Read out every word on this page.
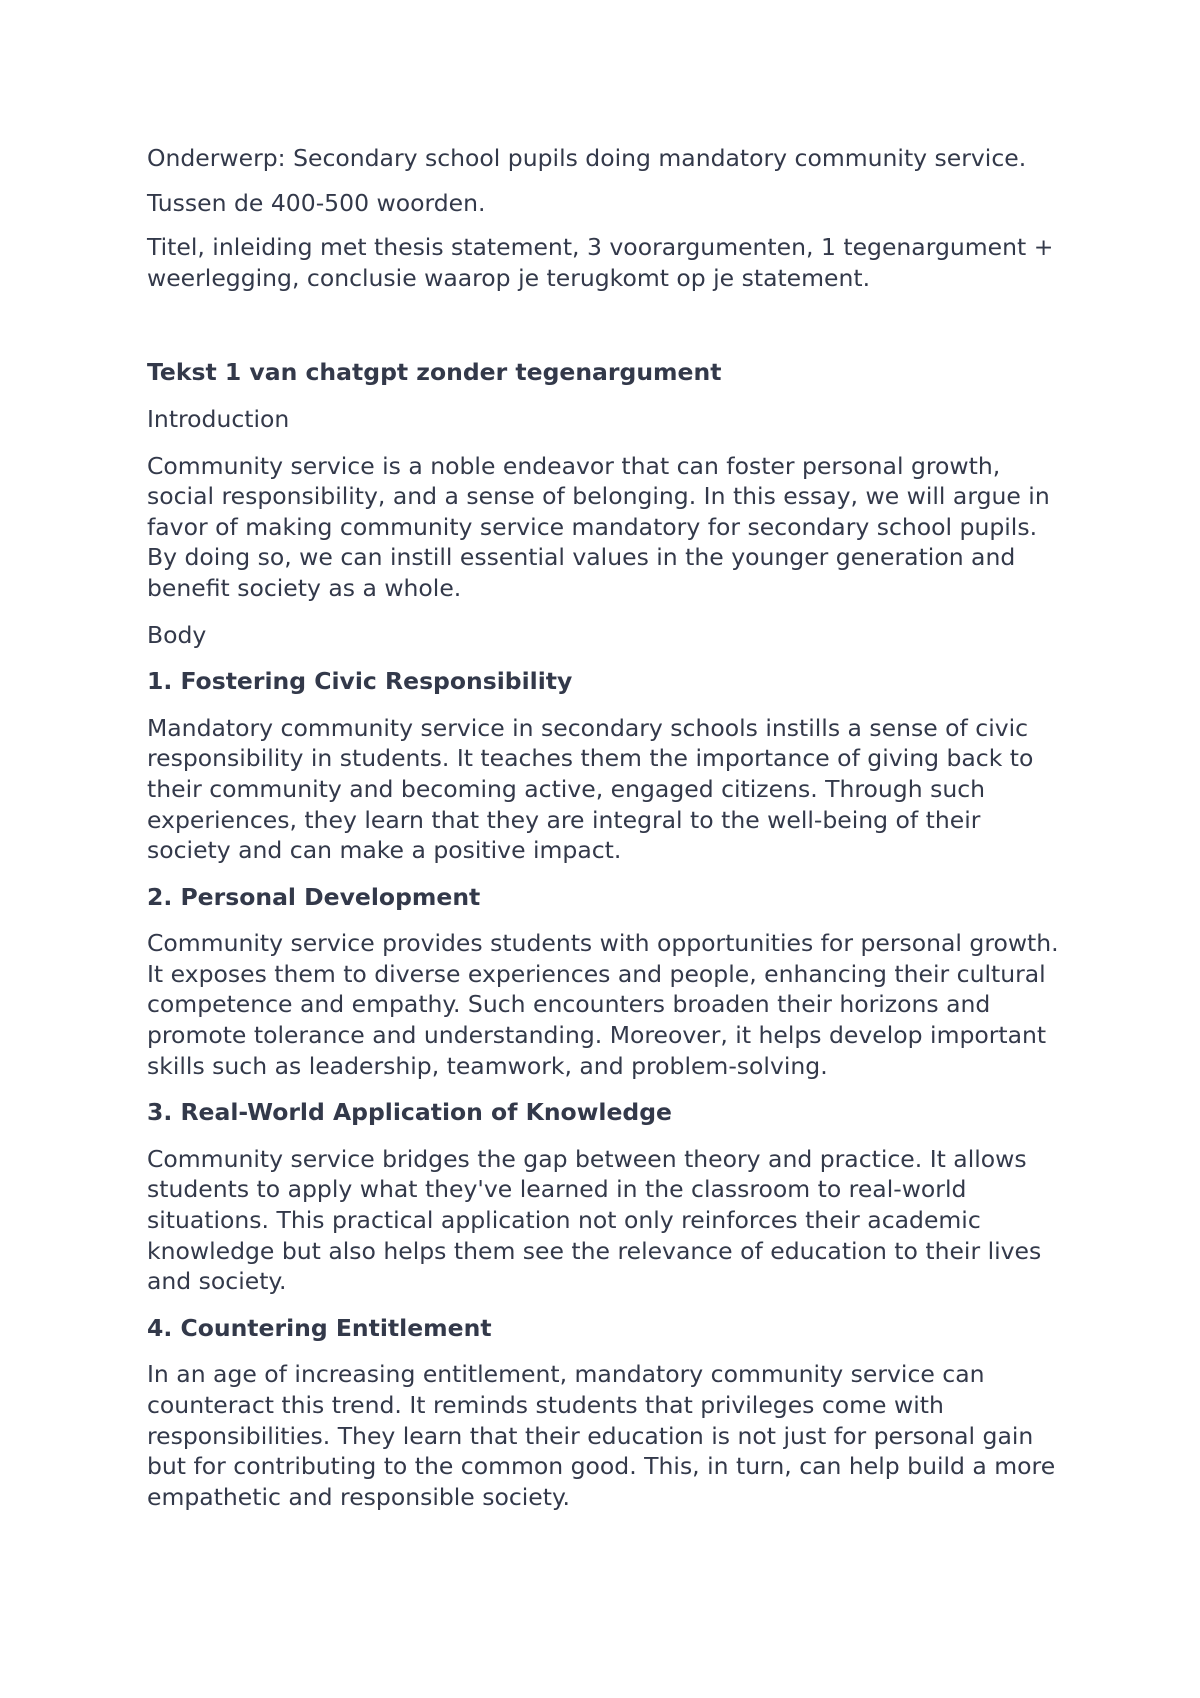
Onderwerp: Secondary school pupils doing mandatory community service.

Tussen de 400-500 woorden.

Titel, inleiding met thesis statement, 3 voorargumenten, 1 tegenargument + weerlegging, conclusie waarop je terugkomt op je statement.

Tekst 1 van chatgpt zonder tegenargument

Introduction

Community service is a noble endeavor that can foster personal growth, social responsibility, and a sense of belonging. In this essay, we will argue in favor of making community service mandatory for secondary school pupils. By doing so, we can instill essential values in the younger generation and benefit society as a whole.

Body

1. Fostering Civic Responsibility

Mandatory community service in secondary schools instills a sense of civic responsibility in students. It teaches them the importance of giving back to their community and becoming active, engaged citizens. Through such experiences, they learn that they are integral to the well-being of their society and can make a positive impact.

2. Personal Development

Community service provides students with opportunities for personal growth. It exposes them to diverse experiences and people, enhancing their cultural competence and empathy. Such encounters broaden their horizons and promote tolerance and understanding. Moreover, it helps develop important skills such as leadership, teamwork, and problem-solving.

3. Real-World Application of Knowledge

Community service bridges the gap between theory and practice. It allows students to apply what they've learned in the classroom to real-world situations. This practical application not only reinforces their academic knowledge but also helps them see the relevance of education to their lives and society.

4. Countering Entitlement

In an age of increasing entitlement, mandatory community service can counteract this trend. It reminds students that privileges come with responsibilities. They learn that their education is not just for personal gain but for contributing to the common good. This, in turn, can help build a more empathetic and responsible society.
